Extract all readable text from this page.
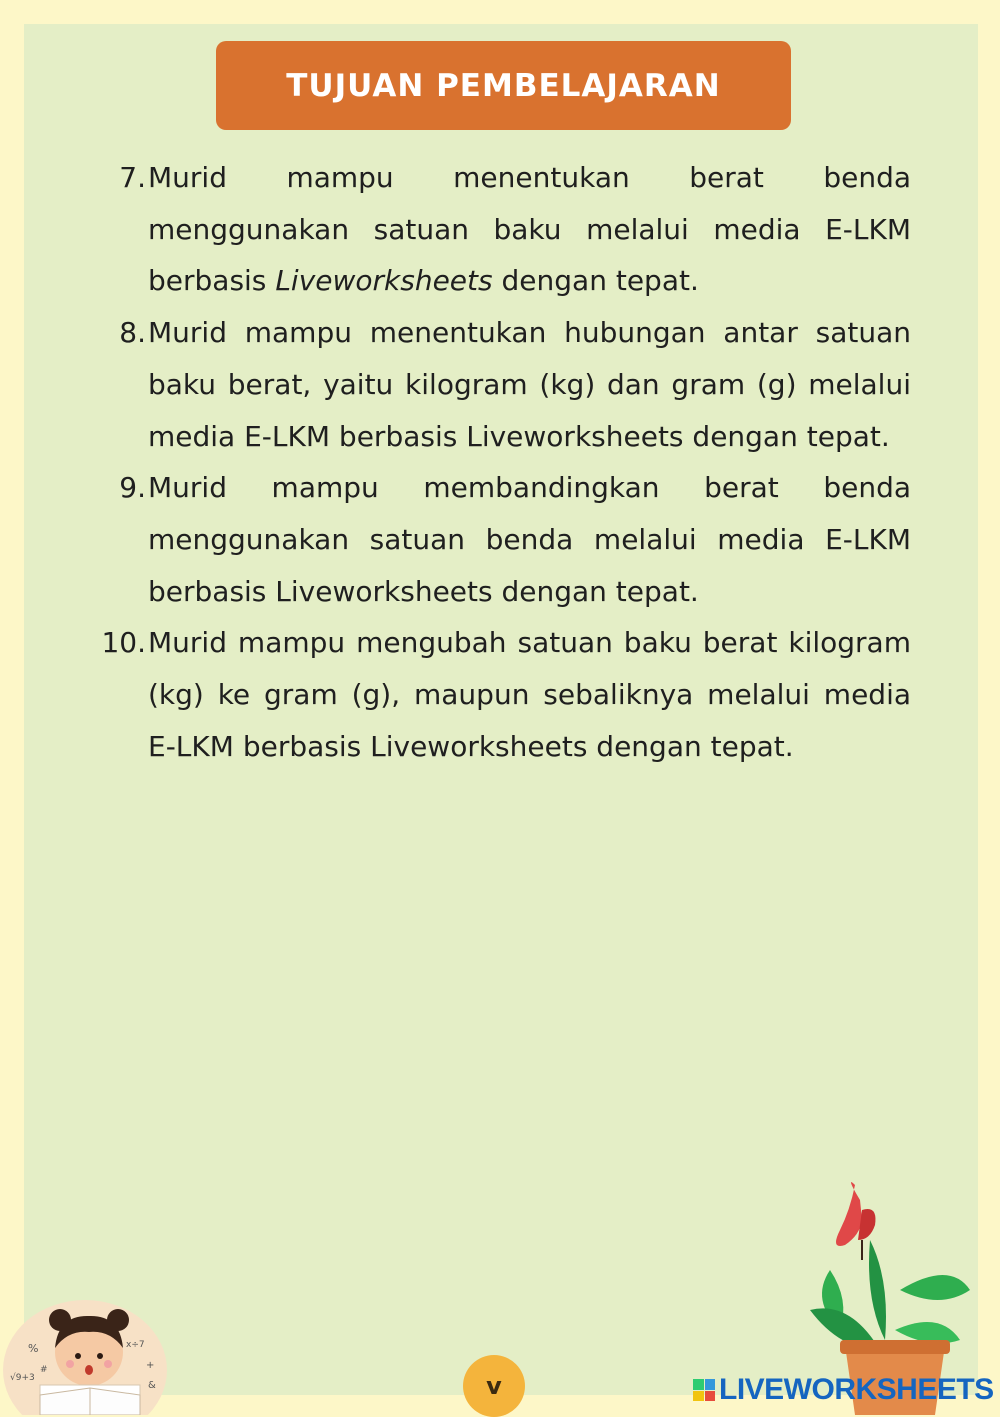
TUJUAN PEMBELAJARAN
7. Murid mampu menentukan berat benda menggunakan satuan baku melalui media E-LKM berbasis Liveworksheets dengan tepat.
8. Murid mampu menentukan hubungan antar satuan baku berat, yaitu kilogram (kg) dan gram (g) melalui media E-LKM berbasis Liveworksheets dengan tepat.
9. Murid mampu membandingkan berat benda menggunakan satuan benda melalui media E-LKM berbasis Liveworksheets dengan tepat.
10. Murid mampu mengubah satuan baku berat kilogram (kg) ke gram (g), maupun sebaliknya melalui media E-LKM berbasis Liveworksheets dengan tepat.
%	x÷7
+
&
√9+3
#
v	LIVEWORKSHEETS
